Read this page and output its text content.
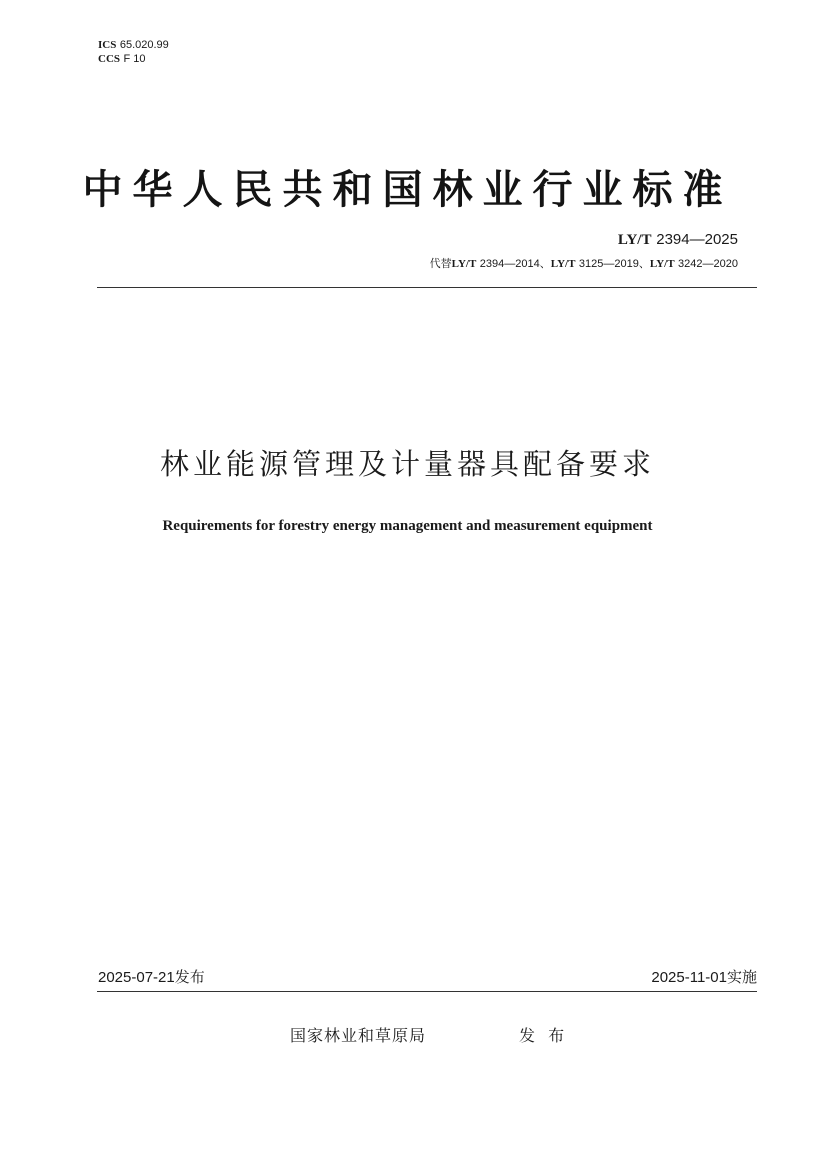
ICS 65.020.99
CCS F 10
中华人民共和国林业行业标准
LY/T 2394—2025
代替LY/T 2394—2014、LY/T 3125—2019、LY/T 3242—2020
林业能源管理及计量器具配备要求
Requirements for forestry energy management and measurement equipment
2025-07-21发布	2025-11-01实施
国家林业和草原局	发 布
